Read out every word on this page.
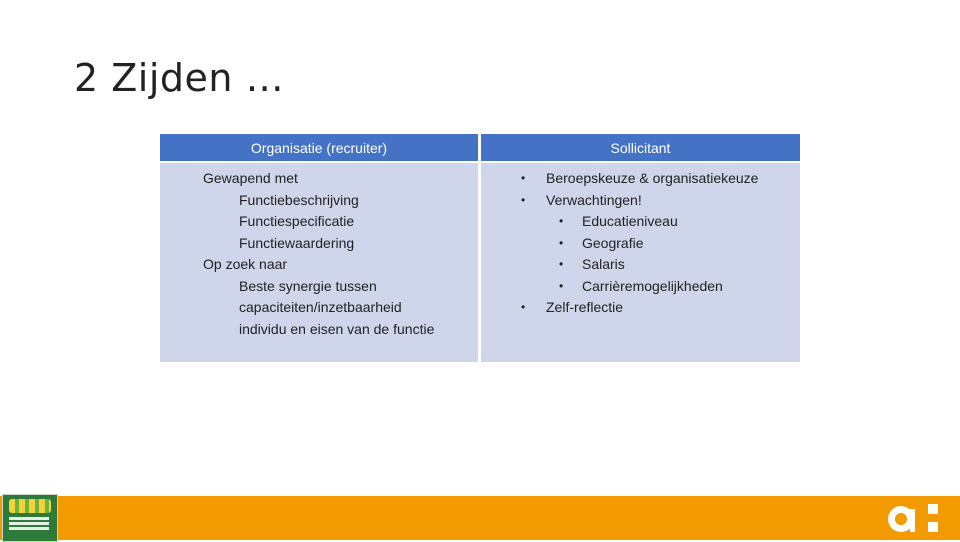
2 Zijden …
Organisatie (recruiter)	Sollicitant
Gewapend met
Functiebeschrijving
Functiespecificatie
Functiewaardering
Op zoek naar
Beste synergie tussen
capaciteiten/inzetbaarheid
individu en eisen van de functie
• Beroepskeuze & organisatiekeuze
• Verwachtingen!
• Educatieniveau
• Geografie
• Salaris
• Carrièremogelijkheden
• Zelf-reflectie
